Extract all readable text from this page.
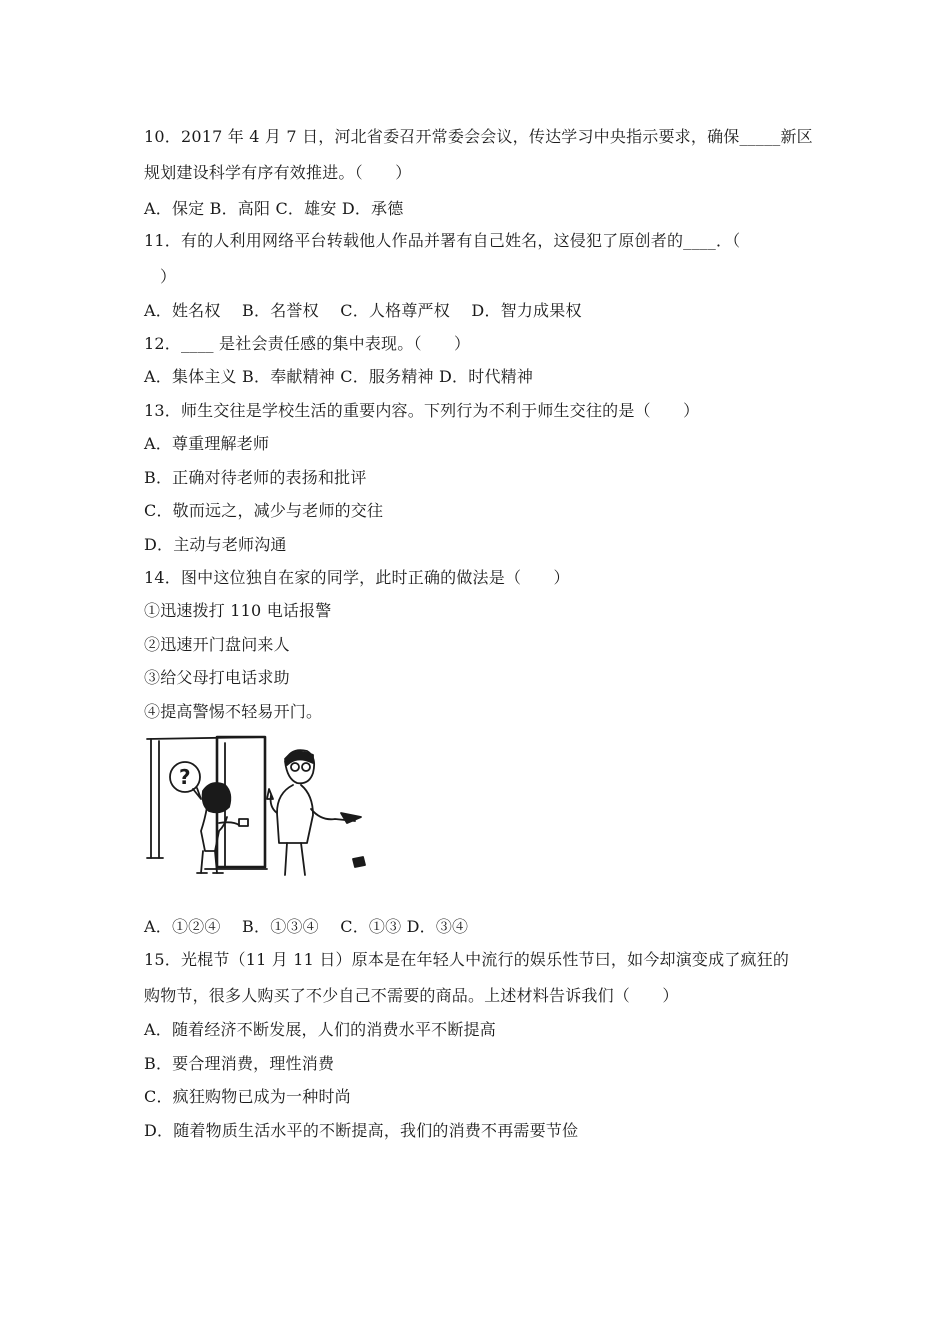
10．2017 年 4 月 7 日，河北省委召开常委会会议，传达学习中央指示要求，确保_____新区
规划建设科学有序有效推进。（　　）
A．保定 B．高阳 C．雄安 D．承德
11．有的人利用网络平台转载他人作品并署有自己姓名，这侵犯了原创者的____．（
）
A．姓名权　 B．名誉权　 C．人格尊严权　 D．智力成果权
12．____ 是社会责任感的集中表现。（　　）
A．集体主义 B．奉献精神 C．服务精神 D．时代精神
13．师生交往是学校生活的重要内容。下列行为不利于师生交往的是（　　）
A．尊重理解老师
B．正确对待老师的表扬和批评
C．敬而远之，减少与老师的交往
D．主动与老师沟通
14．图中这位独自在家的同学，此时正确的做法是（　　）
①迅速拨打 110 电话报警
②迅速开门盘问来人
③给父母打电话求助
④提高警惕不轻易开门。
?
A．①②④　 B．①③④　 C．①③ D．③④
15．光棍节（11 月 11 日）原本是在年轻人中流行的娱乐性节曰，如今却演变成了疯狂的
购物节，很多人购买了不少自己不需要的商品。上述材料告诉我们（　　）
A．随着经济不断发展，人们的消费水平不断提高
B．要合理消费，理性消费
C．疯狂购物已成为一种时尚
D．随着物质生活水平的不断提高，我们的消费不再需要节俭
